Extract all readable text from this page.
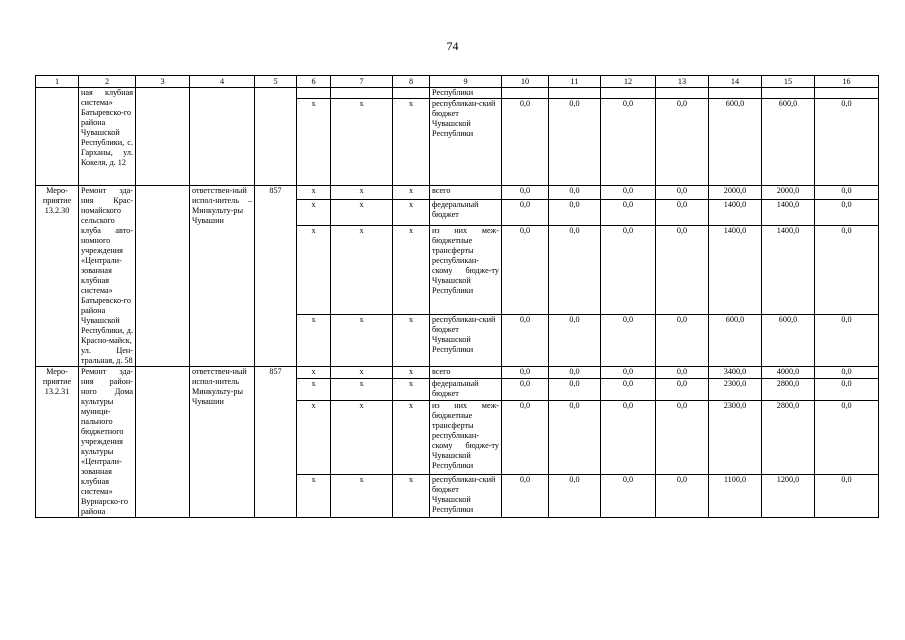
74
1	2	3	4	5	6	7	8	9	10	11	12	13	14	15	16
	ная клубная система» Батыревско-го района Чувашской Республики, с. Гарханы, ул. Кокеля, д. 12							Республики							
					х	х	х	республикан-ский бюджет Чувашской Республики	0,0	0,0	0,0	0,0	600,0	600,0	0,0
Меро-приятие 13.2.30	Ремонт зда-ния Крас-номайского сельского клуба авто-номного учреждения «Централи-зованная клубная система» Батыревско-го района Чувашской Республики, д. Красно-майск, ул. Цен-тральная, д. 58		ответствен-ный испол-нитель – Минкульту-ры Чувашии	857	х	х	х	всего	0,0	0,0	0,0	0,0	2000,0	2000,0	0,0
					х	х	х	федеральный бюджет	0,0	0,0	0,0	0,0	1400,0	1400,0	0,0
					х	х	х	из них меж-бюджетные трансферты республикан-скому бюдже-ту Чувашской Республики	0,0	0,0	0,0	0,0	1400,0	1400,0	0,0
					х	х	х	республикан-ский бюджет Чувашской Республики	0,0	0,0	0,0	0,0	600,0	600,0	0,0
Меро-приятие 13.2.31	Ремонт зда-ния район-ного Дома культуры муници-пального бюджетного учреждения культуры «Централи-зованная клубная система» Вурнарско-го района		ответствен-ный испол-нитель Минкульту-ры Чувашии	857	х	х	х	всего	0,0	0,0	0,0	0,0	3400,0	4000,0	0,0
					х	х	х	федеральный бюджет	0,0	0,0	0,0	0,0	2300,0	2800,0	0,0
					х	х	х	из них меж-бюджетные трансферты республикан-скому бюдже-ту Чувашской Республики	0,0	0,0	0,0	0,0	2300,0	2800,0	0,0
					х	х	х	республикан-ский бюджет Чувашской Республики	0,0	0,0	0,0	0,0	1100,0	1200,0	0,0
